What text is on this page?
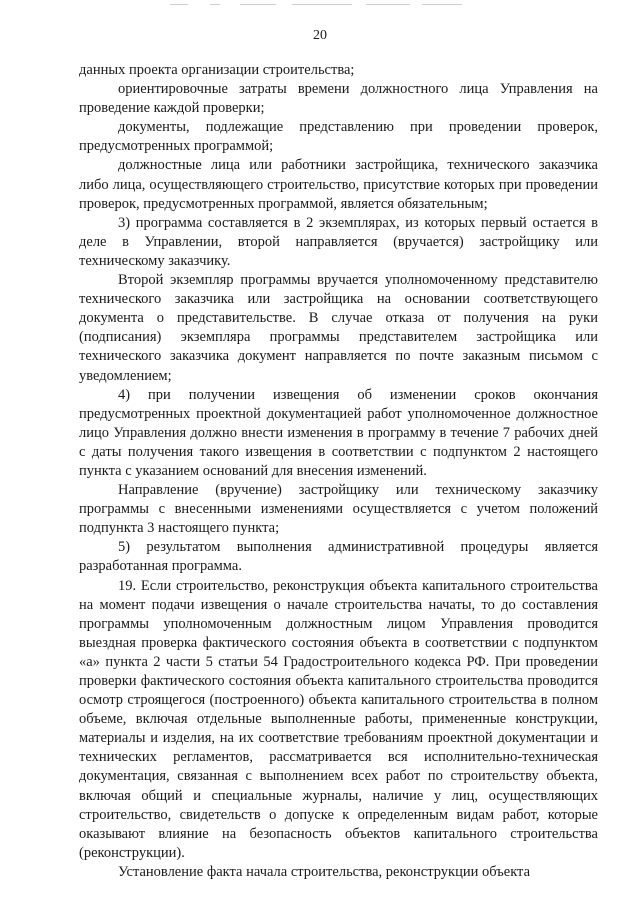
20

данных проекта организации строительства;

ориентировочные затраты времени должностного лица Управления на проведение каждой проверки;

документы, подлежащие представлению при проведении проверок, предусмотренных программой;

должностные лица или работники застройщика, технического заказчика либо лица, осуществляющего строительство, присутствие которых при проведении проверок, предусмотренных программой, является обязательным;

3) программа составляется в 2 экземплярах, из которых первый остается в деле в Управлении, второй направляется (вручается) застройщику или техническому заказчику.

Второй экземпляр программы вручается уполномоченному представителю технического заказчика или застройщика на основании соответствующего документа о представительстве. В случае отказа от получения на руки (подписания) экземпляра программы представителем застройщика или технического заказчика документ направляется по почте заказным письмом с уведомлением;

4) при получении извещения об изменении сроков окончания предусмотренных проектной документацией работ уполномоченное должностное лицо Управления должно внести изменения в программу в течение 7 рабочих дней с даты получения такого извещения в соответствии с подпунктом 2 настоящего пункта с указанием оснований для внесения изменений.

Направление (вручение) застройщику или техническому заказчику программы с внесенными изменениями осуществляется с учетом положений подпункта 3 настоящего пункта;

5) результатом выполнения административной процедуры является разработанная программа.

19. Если строительство, реконструкция объекта капитального строительства на момент подачи извещения о начале строительства начаты, то до составления программы уполномоченным должностным лицом Управления проводится выездная проверка фактического состояния объекта в соответствии с подпунктом «а» пункта 2 части 5 статьи 54 Градостроительного кодекса РФ. При проведении проверки фактического состояния объекта капитального строительства проводится осмотр строящегося (построенного) объекта капитального строительства в полном объеме, включая отдельные выполненные работы, примененные конструкции, материалы и изделия, на их соответствие требованиям проектной документации и технических регламентов, рассматривается вся исполнительно-техническая документация, связанная с выполнением всех работ по строительству объекта, включая общий и специальные журналы, наличие у лиц, осуществляющих строительство, свидетельств о допуске к определенным видам работ, которые оказывают влияние на безопасность объектов капитального строительства (реконструкции).

Установление факта начала строительства, реконструкции объекта
